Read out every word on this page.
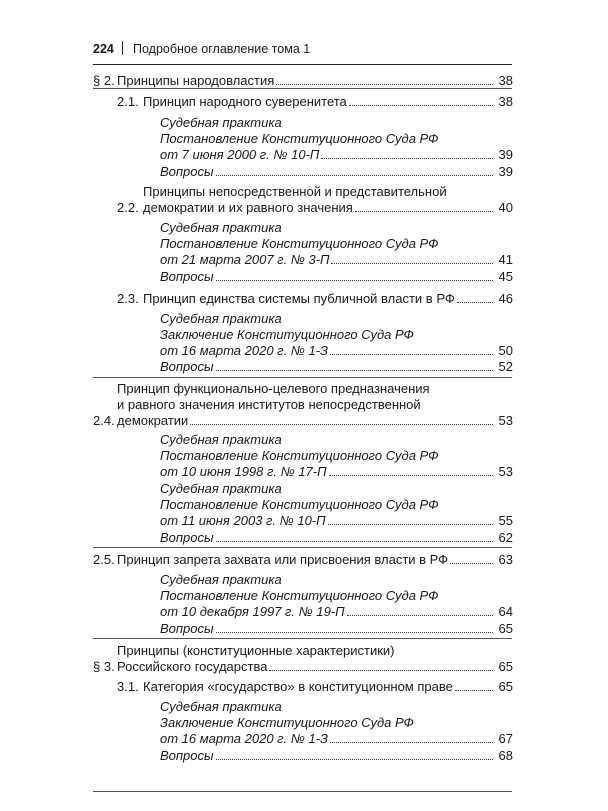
224 Подробное оглавление тома 1
§ 2. Принципы народовластия	38
2.1. Принцип народного суверенитета	38
Судебная практика
Постановление Конституционного Суда РФ
от 7 июня 2000 г. № 10-П	39
Вопросы	39
2.2.
Принципы непосредственной и представительной
демократии и их равного значения	40
Судебная практика
Постановление Конституционного Суда РФ
от 21 марта 2007 г. № 3-П	41
Вопросы	45
2.3. Принцип единства системы публичной власти в РФ	46
Судебная практика
Заключение Конституционного Суда РФ
от 16 марта 2020 г. № 1-З	50
Вопросы	52
2.4.
Принцип функционально-целевого предназначения
и равного значения институтов непосредственной
демократии	53
Судебная практика
Постановление Конституционного Суда РФ
от 10 июня 1998 г. № 17-П	53
Судебная практика
Постановление Конституционного Суда РФ
от 11 июня 2003 г. № 10-П	55
Вопросы	62
2.5. Принцип запрета захвата или присвоения власти в РФ	63
Судебная практика
Постановление Конституционного Суда РФ
от 10 декабря 1997 г. № 19-П	64
Вопросы	65
§ 3.
Принципы (конституционные характеристики)
Российского государства	65
3.1. Категория «государство» в конституционном праве	65
Судебная практика
Заключение Конституционного Суда РФ
от 16 марта 2020 г. № 1-З	67
Вопросы	68
